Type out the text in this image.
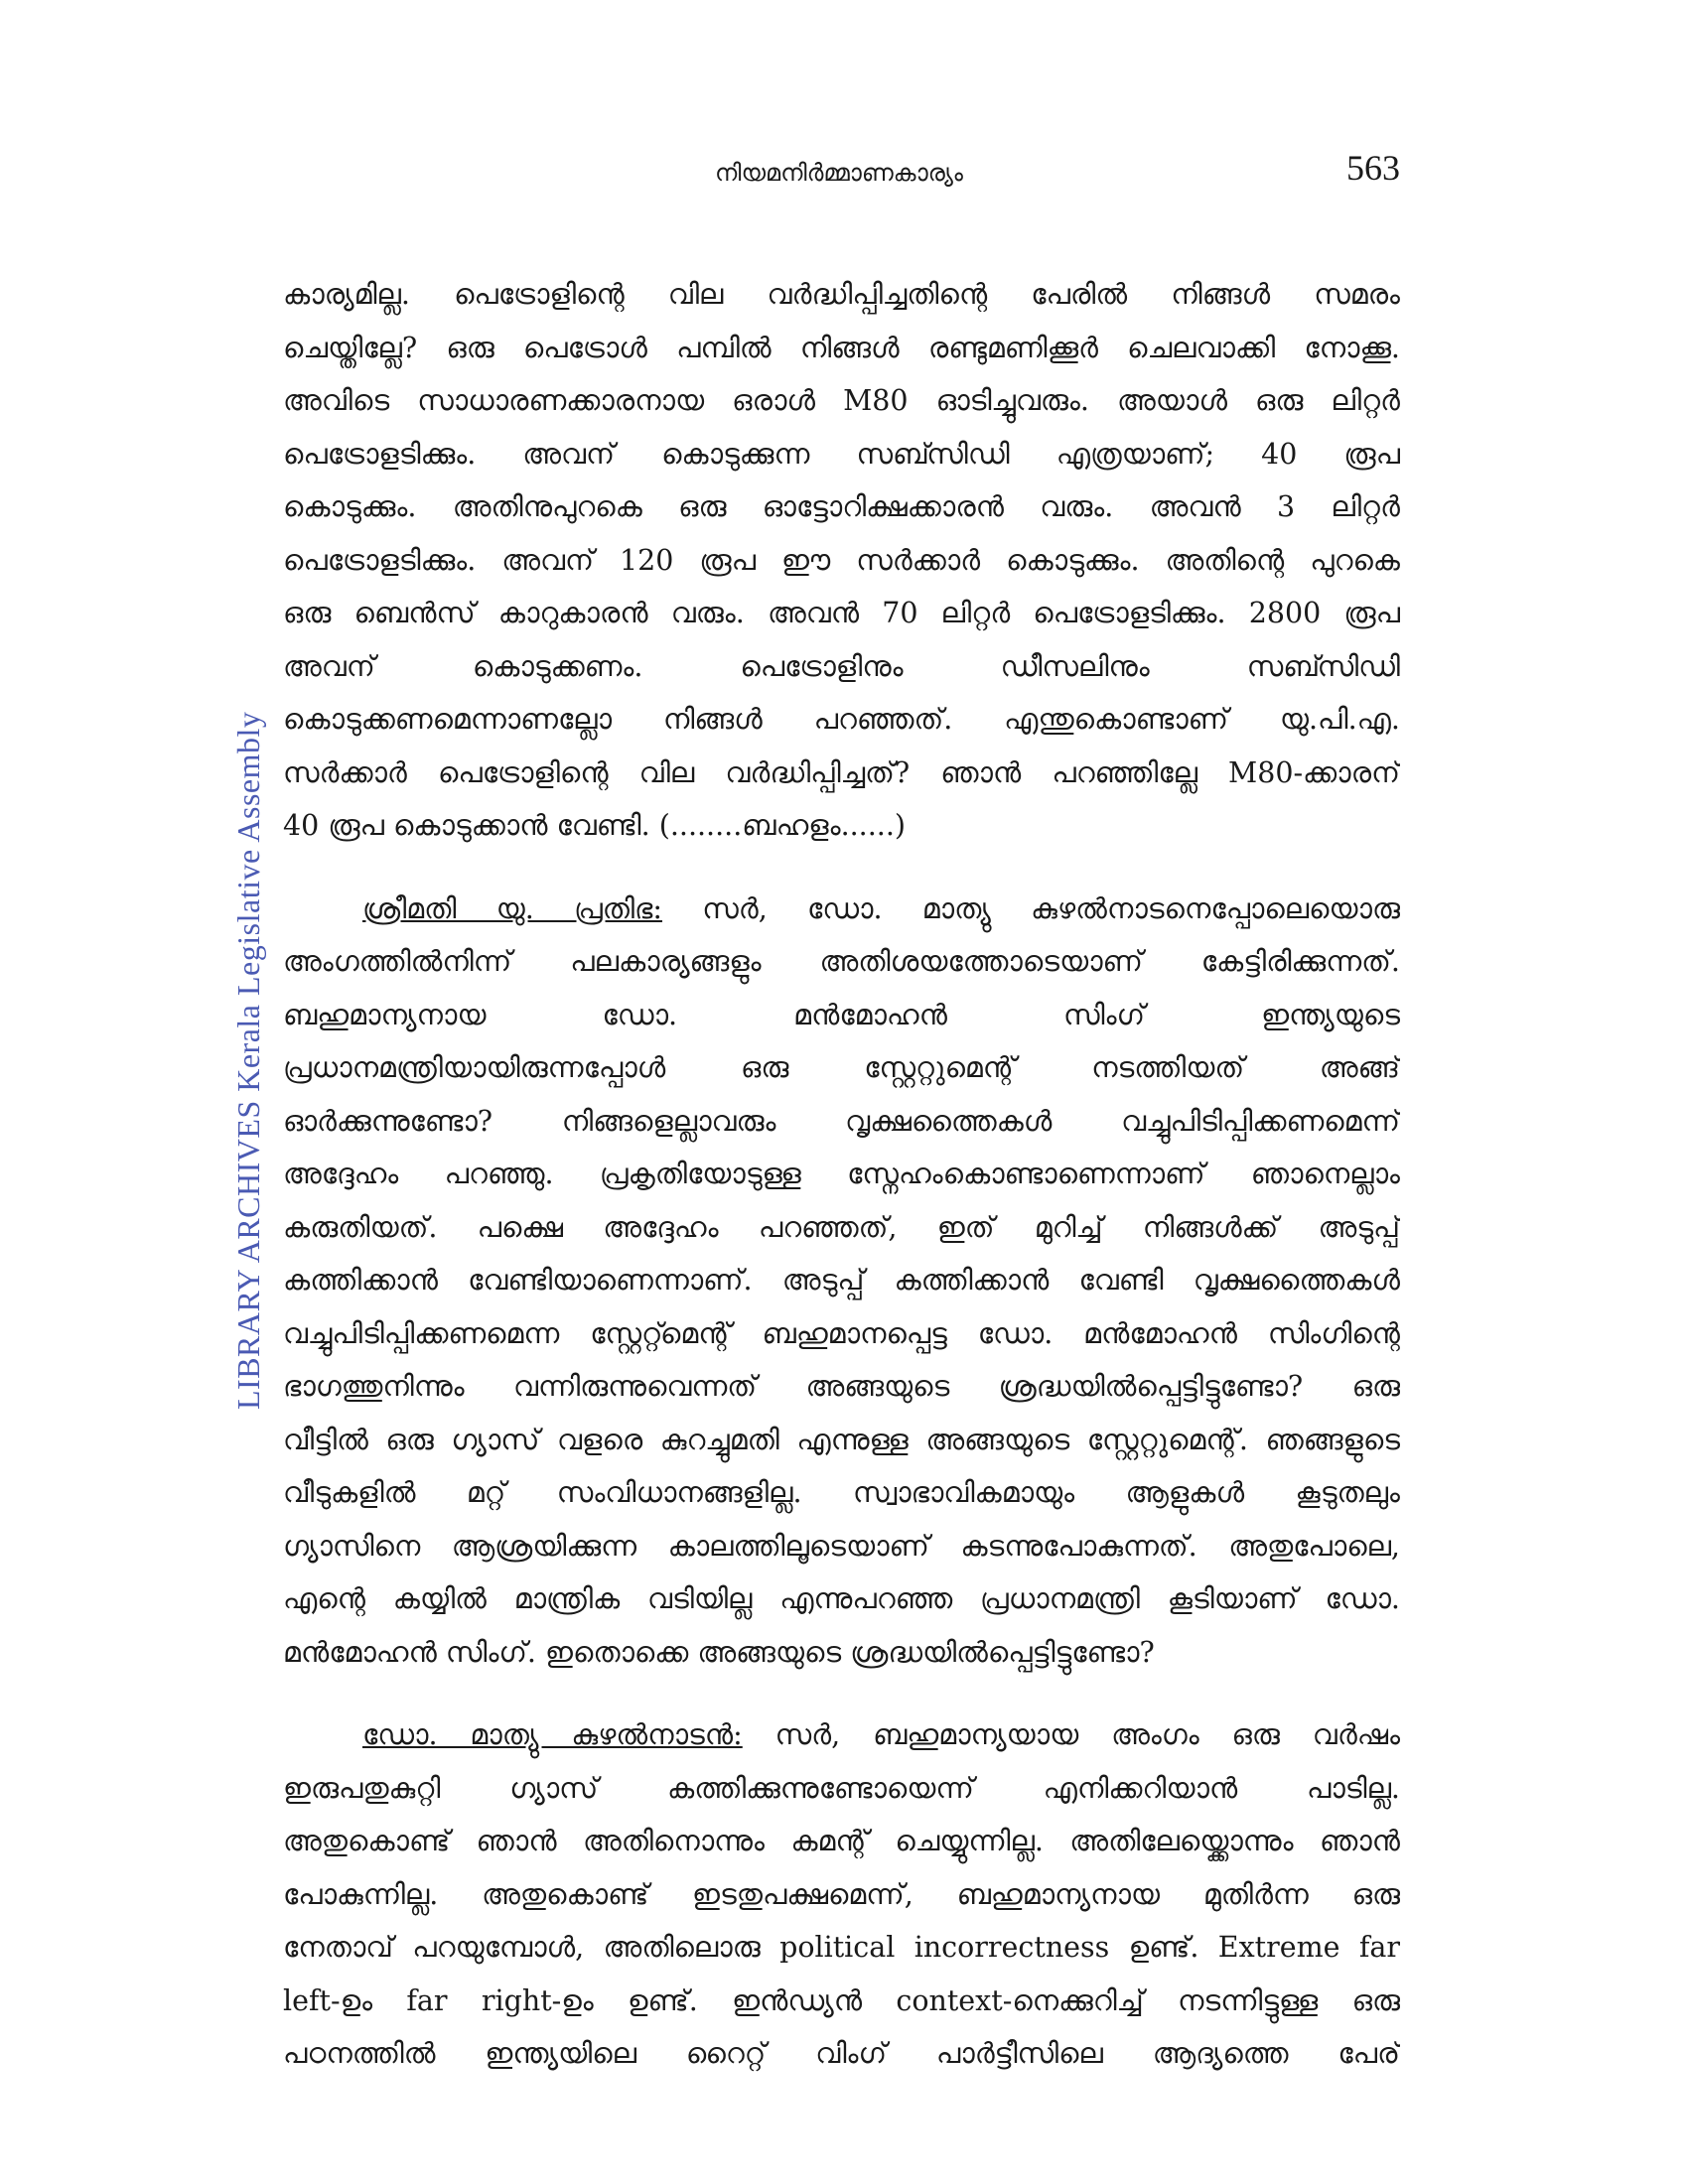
നിയമനിർമ്മാണകാര്യം	563
LIBRARY ARCHIVES Kerala Legislative Assembly
കാര്യമില്ല. പെട്രോളിന്റെ വില വർദ്ധിപ്പിച്ചതിന്റെ പേരിൽ നിങ്ങൾ സമരം
ചെയ്തില്ലേ? ഒരു പെട്രോൾ പമ്പിൽ നിങ്ങൾ രണ്ടുമണിക്കൂർ ചെലവാക്കി നോക്കൂ.
അവിടെ സാധാരണക്കാരനായ ഒരാൾ M80 ഓടിച്ചുവരും. അയാൾ ഒരു ലിറ്റർ
പെട്രോളടിക്കും. അവന് കൊടുക്കുന്ന സബ്സിഡി എത്രയാണ്; 40 രൂപ
കൊടുക്കും. അതിനുപുറകെ ഒരു ഓട്ടോറിക്ഷക്കാരൻ വരും. അവൻ 3 ലിറ്റർ
പെട്രോളടിക്കും. അവന് 120 രൂപ ഈ സർക്കാർ കൊടുക്കും. അതിന്റെ പുറകെ
ഒരു ബെൻസ് കാറുകാരൻ വരും. അവൻ 70 ലിറ്റർ പെട്രോളടിക്കും. 2800 രൂപ
അവന് കൊടുക്കണം. പെട്രോളിനും ഡീസലിനും സബ്സിഡി
കൊടുക്കണമെന്നാണല്ലോ നിങ്ങൾ പറഞ്ഞത്. എന്തുകൊണ്ടാണ് യു.പി.എ.
സർക്കാർ പെട്രോളിന്റെ വില വർദ്ധിപ്പിച്ചത്? ഞാൻ പറഞ്ഞില്ലേ M80-ക്കാരന്
40 രൂപ കൊടുക്കാൻ വേണ്ടി. (........ബഹളം......)
ശ്രീമതി യു. പ്രതിഭ: സർ, ഡോ. മാത്യു കുഴൽനാടനെപ്പോലെയൊരു
അംഗത്തിൽനിന്ന് പലകാര്യങ്ങളും അതിശയത്തോടെയാണ് കേട്ടിരിക്കുന്നത്.
ബഹുമാന്യനായ ഡോ. മൻമോഹൻ സിംഗ് ഇന്ത്യയുടെ
പ്രധാനമന്ത്രിയായിരുന്നപ്പോൾ ഒരു സ്റ്റേറ്റുമെന്റ് നടത്തിയത് അങ്ങ്
ഓർക്കുന്നുണ്ടോ? നിങ്ങളെല്ലാവരും വൃക്ഷത്തൈകൾ വച്ചുപിടിപ്പിക്കണമെന്ന്
അദ്ദേഹം പറഞ്ഞു. പ്രകൃതിയോടുള്ള സ്നേഹംകൊണ്ടാണെന്നാണ് ഞാനെല്ലാം
കരുതിയത്. പക്ഷെ അദ്ദേഹം പറഞ്ഞത്, ഇത് മുറിച്ച് നിങ്ങൾക്ക് അടുപ്പ്
കത്തിക്കാൻ വേണ്ടിയാണെന്നാണ്. അടുപ്പ് കത്തിക്കാൻ വേണ്ടി വൃക്ഷത്തൈകൾ
വച്ചുപിടിപ്പിക്കണമെന്ന സ്റ്റേറ്റ്മെന്റ് ബഹുമാനപ്പെട്ട ഡോ. മൻമോഹൻ സിംഗിന്റെ
ഭാഗത്തുനിന്നും വന്നിരുന്നുവെന്നത് അങ്ങയുടെ ശ്രദ്ധയിൽപ്പെട്ടിട്ടുണ്ടോ? ഒരു
വീട്ടിൽ ഒരു ഗ്യാസ് വളരെ കുറച്ചുമതി എന്നുള്ള അങ്ങയുടെ സ്റ്റേറ്റുമെന്റ്. ഞങ്ങളുടെ
വീടുകളിൽ മറ്റ് സംവിധാനങ്ങളില്ല. സ്വാഭാവികമായും ആളുകൾ കൂടുതലും
ഗ്യാസിനെ ആശ്രയിക്കുന്ന കാലത്തിലൂടെയാണ് കടന്നുപോകുന്നത്. അതുപോലെ,
എന്റെ കയ്യിൽ മാന്ത്രിക വടിയില്ല എന്നുപറഞ്ഞ പ്രധാനമന്ത്രി കൂടിയാണ് ഡോ.
മൻമോഹൻ സിംഗ്. ഇതൊക്കെ അങ്ങയുടെ ശ്രദ്ധയിൽപ്പെട്ടിട്ടുണ്ടോ?
ഡോ. മാത്യു കുഴൽനാടൻ: സർ, ബഹുമാന്യയായ അംഗം ഒരു വർഷം
ഇരുപതുകുറ്റി ഗ്യാസ് കത്തിക്കുന്നുണ്ടോയെന്ന് എനിക്കറിയാൻ പാടില്ല.
അതുകൊണ്ട് ഞാൻ അതിനൊന്നും കമന്റ് ചെയ്യുന്നില്ല. അതിലേയ്ക്കൊന്നും ഞാൻ
പോകുന്നില്ല. അതുകൊണ്ട് ഇടതുപക്ഷമെന്ന്, ബഹുമാന്യനായ മുതിർന്ന ഒരു
നേതാവ് പറയുമ്പോൾ, അതിലൊരു political incorrectness ഉണ്ട്. Extreme far
left-ഉം far right-ഉം ഉണ്ട്. ഇൻഡ്യൻ context-നെക്കുറിച്ച് നടന്നിട്ടുള്ള ഒരു
പഠനത്തിൽ ഇന്ത്യയിലെ റൈറ്റ് വിംഗ് പാർട്ടീസിലെ ആദ്യത്തെ പേര്
